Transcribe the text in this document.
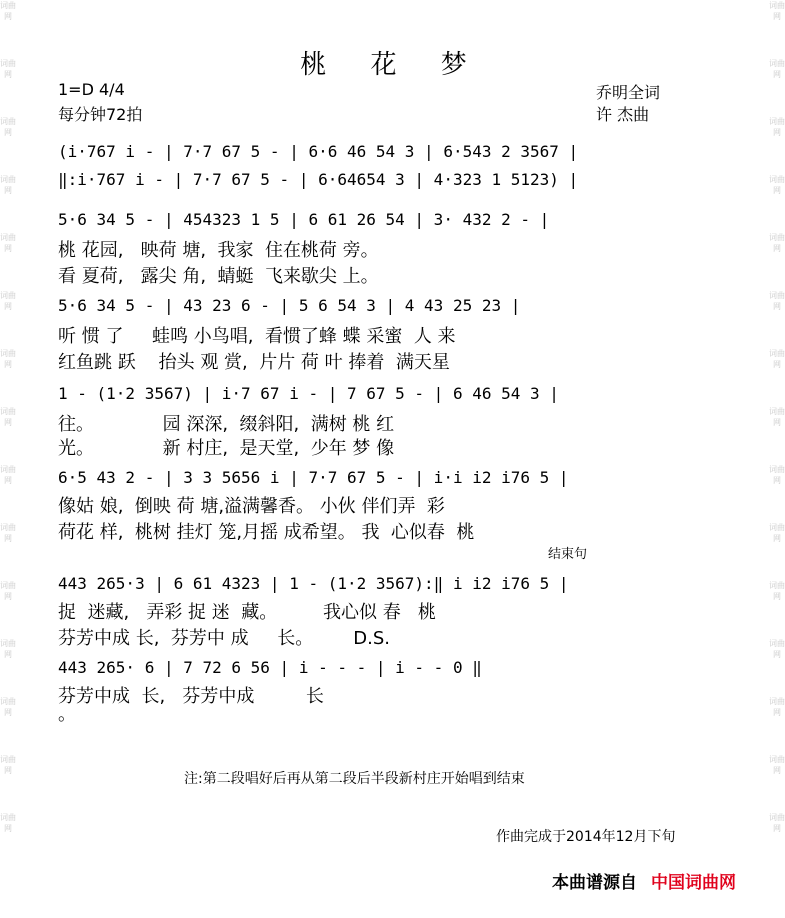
词曲网
词曲网
词曲网
词曲网
词曲网
词曲网
词曲网
词曲网
词曲网
词曲网
词曲网
词曲网
词曲网
词曲网
词曲网
词曲网
词曲网
词曲网
词曲网
词曲网
词曲网
词曲网
词曲网
词曲网
词曲网
词曲网
词曲网
词曲网
词曲网
词曲网
桃 花 梦
1=D 4/4
每分钟72拍
乔明全词
许 杰曲
(i·767 i - | 7·7 67 5 - | 6·6 46 54 3 | 6·543 2 3567 |
‖:i·767 i - | 7·7 67 5 - | 6·64654 3 | 4·323 1 5123) |
5·6 34 5 - | 454323 1 5 | 6 61 26 54 | 3· 432 2 - |
桃 花园,   映荷 塘,  我家  住在桃荷 旁。
看 夏荷,   露尖 角,  蜻蜓  飞来歇尖 上。
5·6 34 5 - | 43 23 6 - | 5 6 54 3 | 4 43 25 23 |
听 惯 了     蛙鸣 小鸟唱,  看惯了蜂 蝶 采蜜  人 来
红鱼跳 跃    抬头 观 赏,  片片 荷 叶 捧着  满天星
1 - (1·2 3567) | i·7 67 i - | 7 67 5 - | 6 46 54 3 |
往。            园 深深,  缀斜阳,  满树 桃 红
光。            新 村庄,  是天堂,  少年 梦 像
6·5 43 2 - | 3 3 5656 i | 7·7 67 5 - | i·i i2 i76 5 |
像姑 娘,  倒映 荷 塘,溢满馨香。 小伙 伴们弄  彩
荷花 样,  桃树 挂灯 笼,月摇 成希望。 我  心似春  桃
结束句
443 265·3 | 6 61 4323 | 1 - (1·2 3567):‖ i i2 i76 5 |
捉  迷藏,   弄彩 捉 迷  藏。        我心似 春   桃
芬芳中成 长,  芬芳中 成     长。       D.S.
443 265· 6 | 7 72 6 56 | i - - - | i - - 0 ‖
芬芳中成  长,   芬芳中成         长
。
注:第二段唱好后再从第二段后半段新村庄开始唱到结束
作曲完成于2014年12月下旬
本曲谱源自 中国词曲网
